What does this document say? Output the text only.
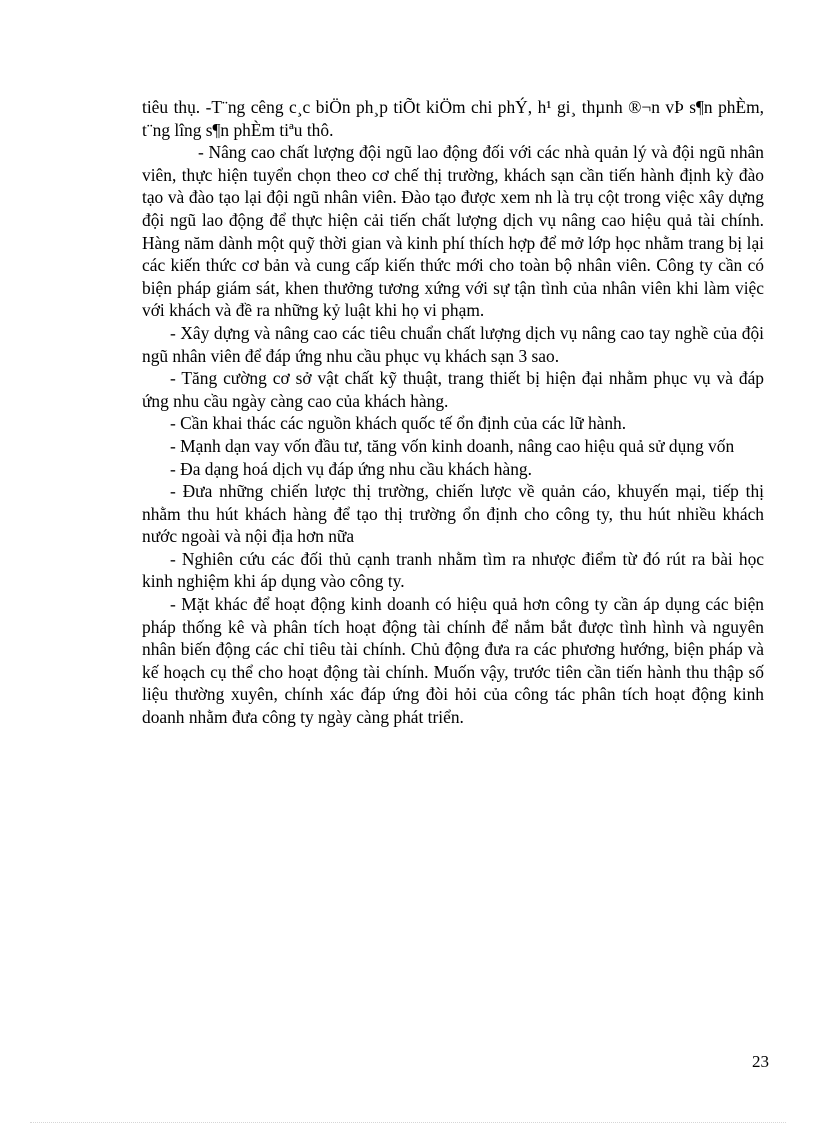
tiêu thụ. -T¨ng cêng c¸c biÖn ph¸p tiÕt kiÖm chi phÝ, h¹ gi¸ thµnh ®¬n vÞ s¶n phÈm, t¨ng lîng s¶n phÈm tiªu thô.

- Nâng cao chất lượng đội ngũ lao động đối với các nhà quản lý và đội ngũ nhân viên, thực hiện tuyển chọn theo cơ chế thị trường, khách sạn cần tiến hành định kỳ đào tạo và đào tạo lại đội ngũ nhân viên. Đào tạo được xem nh là trụ cột trong việc xây dựng đội ngũ lao động để thực hiện cải tiến chất lượng dịch vụ nâng cao hiệu quả tài chính. Hàng năm dành một quỹ thời gian và kinh phí thích hợp để mở lớp học nhằm trang bị lại các kiến thức cơ bản và cung cấp kiến thức mới cho toàn bộ nhân viên. Công ty cần có biện pháp giám sát, khen thưởng tương xứng với sự tận tình của nhân viên khi làm việc với khách và đề ra những kỷ luật khi họ vi phạm.

- Xây dựng và nâng cao các tiêu chuẩn chất lượng dịch vụ nâng cao tay nghề của đội ngũ nhân viên để đáp ứng nhu cầu phục vụ khách sạn 3 sao.

- Tăng cường cơ sở vật chất kỹ thuật, trang thiết bị hiện đại nhằm phục vụ và đáp ứng nhu cầu ngày càng cao của khách hàng.

- Cần khai thác các nguồn khách quốc tế ổn định của các lữ hành.

- Mạnh dạn vay vốn đầu tư, tăng vốn kinh doanh, nâng cao hiệu quả sử dụng vốn

- Đa dạng hoá dịch vụ đáp ứng nhu cầu khách hàng.

- Đưa những chiến lược thị trường, chiến lược về quản cáo, khuyến mại, tiếp thị nhằm thu hút khách hàng để tạo thị trường ổn định cho công ty, thu hút nhiều khách nước ngoài và nội địa hơn nữa

- Nghiên cứu các đối thủ cạnh tranh nhằm tìm ra nhược điểm từ đó rút ra bài học kinh nghiệm khi áp dụng vào công ty.

- Mặt khác để hoạt động kinh doanh có hiệu quả hơn công ty cần áp dụng các biện pháp thống kê và phân tích hoạt động tài chính để nắm bắt được tình hình và nguyên nhân biến động các chỉ tiêu tài chính. Chủ động đưa ra các phương hướng, biện pháp và kế hoạch cụ thể cho hoạt động tài chính. Muốn vậy, trước tiên cần tiến hành thu thập số liệu thường xuyên, chính xác đáp ứng đòi hỏi của công tác phân tích hoạt động kinh doanh nhằm đưa công ty ngày càng phát triển.

23
